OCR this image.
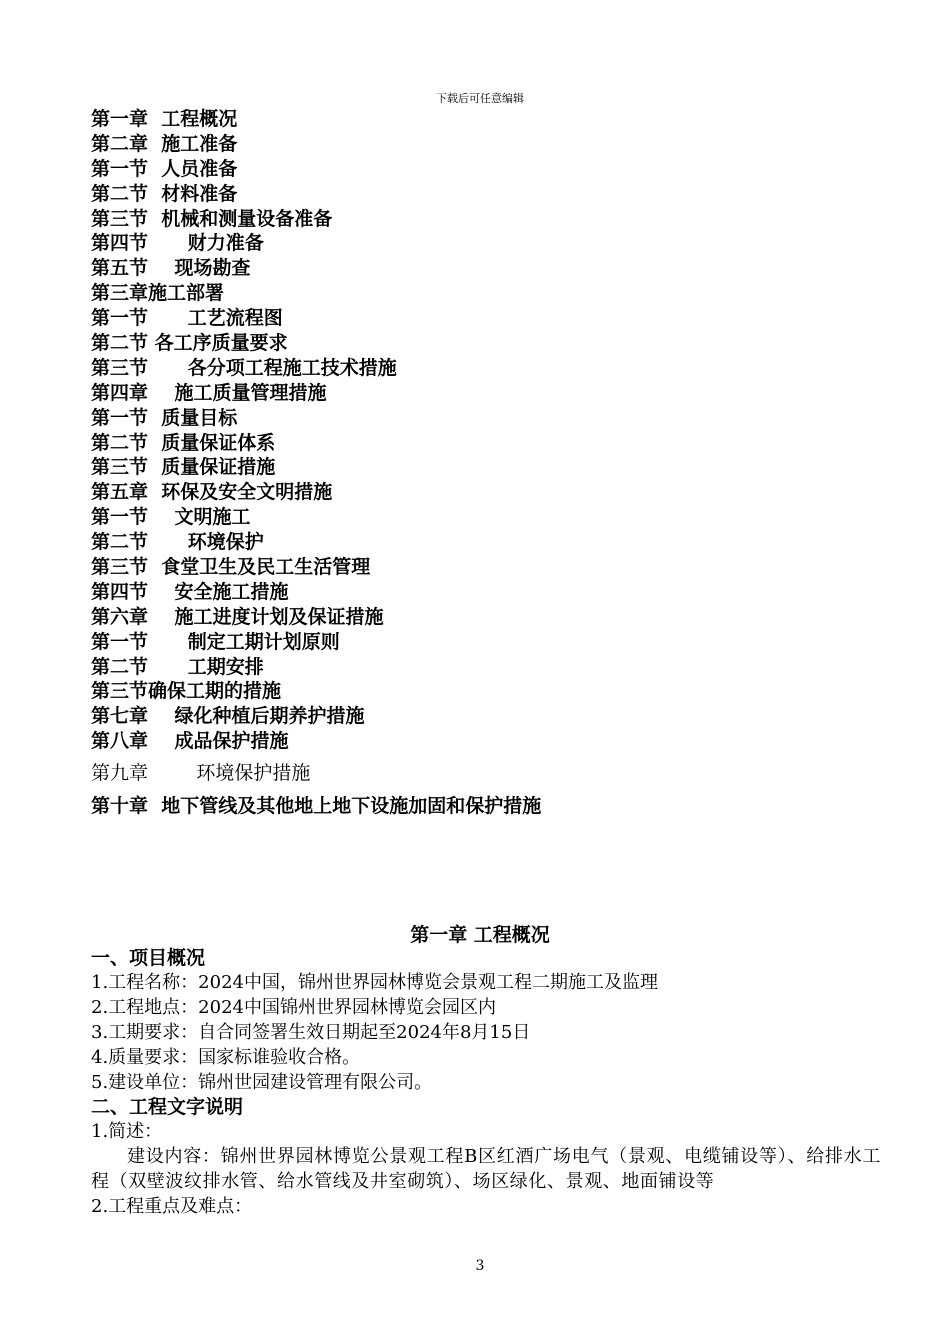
下载后可任意编辑
第一章  工程概况
第二章  施工准备
第一节  人员准备
第二节  材料准备
第三节  机械和测量设备准备
第四节      财力准备
第五节    现场勘查
第三章施工部署
第一节      工艺流程图
第二节 各工序质量要求
第三节      各分项工程施工技术措施
第四章    施工质量管理措施
第一节  质量目标
第二节  质量保证体系
第三节  质量保证措施
第五章  环保及安全文明措施
第一节    文明施工
第二节      环境保护
第三节  食堂卫生及民工生活管理
第四节    安全施工措施
第六章    施工进度计划及保证措施
第一节      制定工期计划原则
第二节      工期安排
第三节确保工期的措施
第七章    绿化种植后期养护措施
第八章    成品保护措施
第九章        环境保护措施
第十章  地下管线及其他地上地下设施加固和保护措施
第一章 工程概况
一、项目概况
1.工程名称：2024中国，锦州世界园林博览会景观工程二期施工及监理
2.工程地点：2024中国锦州世界园林博览会园区内
3.工期要求：自合同签署生效日期起至2024年8月15日
4.质量要求：国家标谁验收合格。
5.建设单位：锦州世园建设管理有限公司。
二、工程文字说明
1.简述：
建设内容：锦州世界园林博览公景观工程B区红酒广场电气（景观、电缆铺设等）、给排水工程（双壁波纹排水管、给水管线及井室砌筑）、场区绿化、景观、地面铺设等
2.工程重点及难点：
3
